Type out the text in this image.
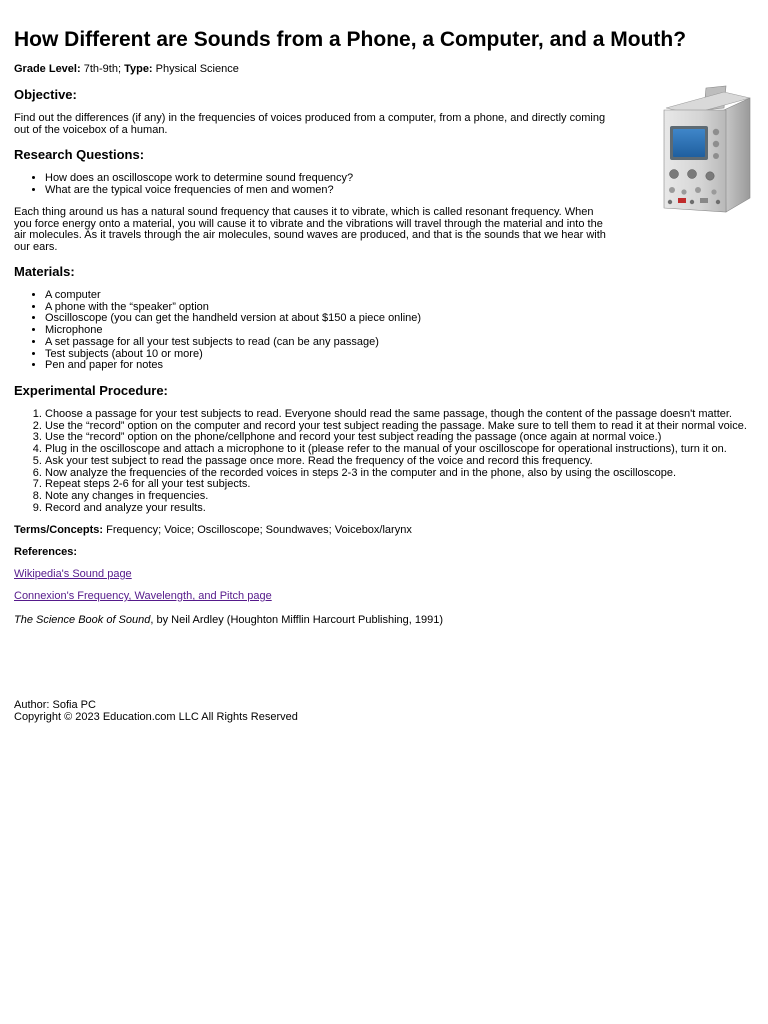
How Different are Sounds from a Phone, a Computer, and a Mouth?
Grade Level: 7th-9th; Type: Physical Science
Objective:

Find out the differences (if any) in the frequencies of voices produced from a computer, from a phone, and directly coming out of the voicebox of a human.

Research Questions:
• How does an oscilloscope work to determine sound frequency?
• What are the typical voice frequencies of men and women?

Each thing around us has a natural sound frequency that causes it to vibrate, which is called resonant frequency. When you force energy onto a material, you will cause it to vibrate and the vibrations will travel through the material and into the air molecules. As it travels through the air molecules, sound waves are produced, and that is the sounds that we hear with our ears.

Materials:
• A computer
• A phone with the “speaker” option
• Oscilloscope (you can get the handheld version at about $150 a piece online)
• Microphone
• A set passage for all your test subjects to read (can be any passage)
• Test subjects (about 10 or more)
• Pen and paper for notes
Experimental Procedure:
1. Choose a passage for your test subjects to read. Everyone should read the same passage, though the content of the passage doesn't matter.
2. Use the “record” option on the computer and record your test subject reading the passage. Make sure to tell them to read it at their normal voice.
3. Use the “record” option on the phone/cellphone and record your test subject reading the passage (once again at normal voice.)
4. Plug in the oscilloscope and attach a microphone to it (please refer to the manual of your oscilloscope for operational instructions), turn it on.
5. Ask your test subject to read the passage once more. Read the frequency of the voice and record this frequency.
6. Now analyze the frequencies of the recorded voices in steps 2-3 in the computer and in the phone, also by using the oscilloscope.
7. Repeat steps 2-6 for all your test subjects.
8. Note any changes in frequencies.
9. Record and analyze your results.

Terms/Concepts: Frequency; Voice; Oscilloscope; Soundwaves; Voicebox/larynx

References:

Wikipedia's Sound page

Connexion's Frequency, Wavelength, and Pitch page

The Science Book of Sound, by Neil Ardley (Houghton Mifflin Harcourt Publishing, 1991)

Author: Sofia PC
Copyright © 2023 Education.com LLC All Rights Reserved
